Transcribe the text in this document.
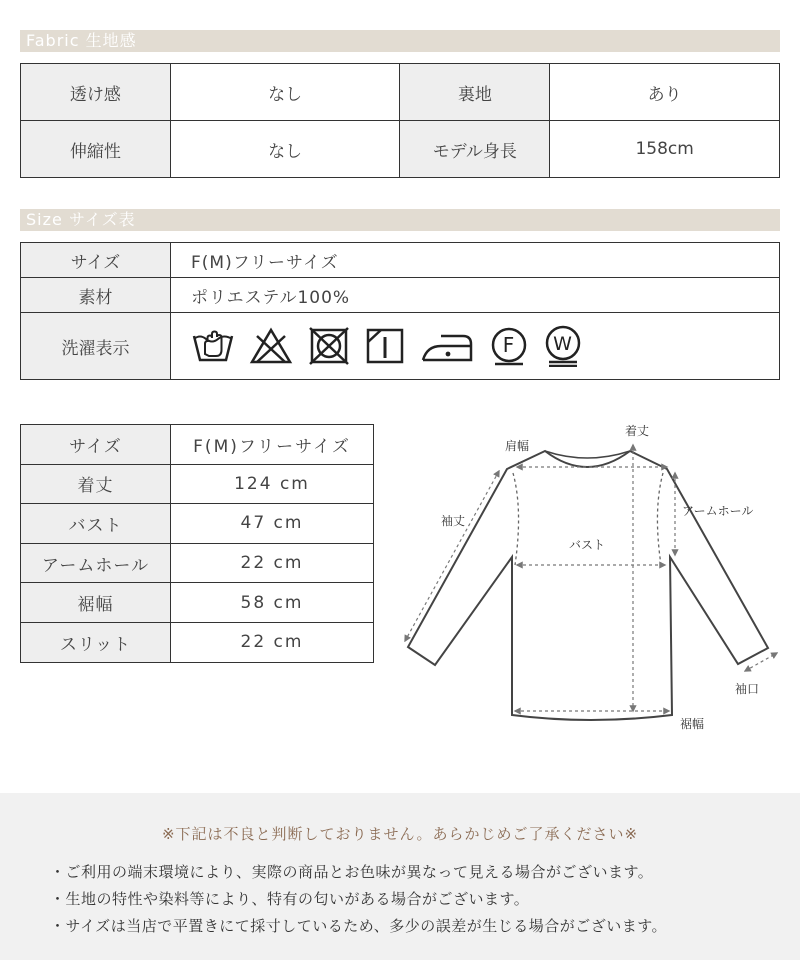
Fabric 生地感
透け感	なし	裏地	あり
伸縮性	なし	モデル身長	158cm
Size サイズ表
サイズ	F(M)フリーサイズ
素材	ポリエステル100%
洗濯表示	F W
サイズ	F(M)フリーサイズ
着丈	124 cm
バスト	47 cm
アームホール	22 cm
裾幅	58 cm
スリット	22 cm
着丈
肩幅
袖丈
アームホール
バスト
袖口
裾幅
※下記は不良と判断しておりません。あらかじめご了承ください※
・ご利用の端末環境により、実際の商品とお色味が異なって見える場合がございます。
・生地の特性や染料等により、特有の匂いがある場合がございます。
・サイズは当店で平置きにて採寸しているため、多少の誤差が生じる場合がございます。
